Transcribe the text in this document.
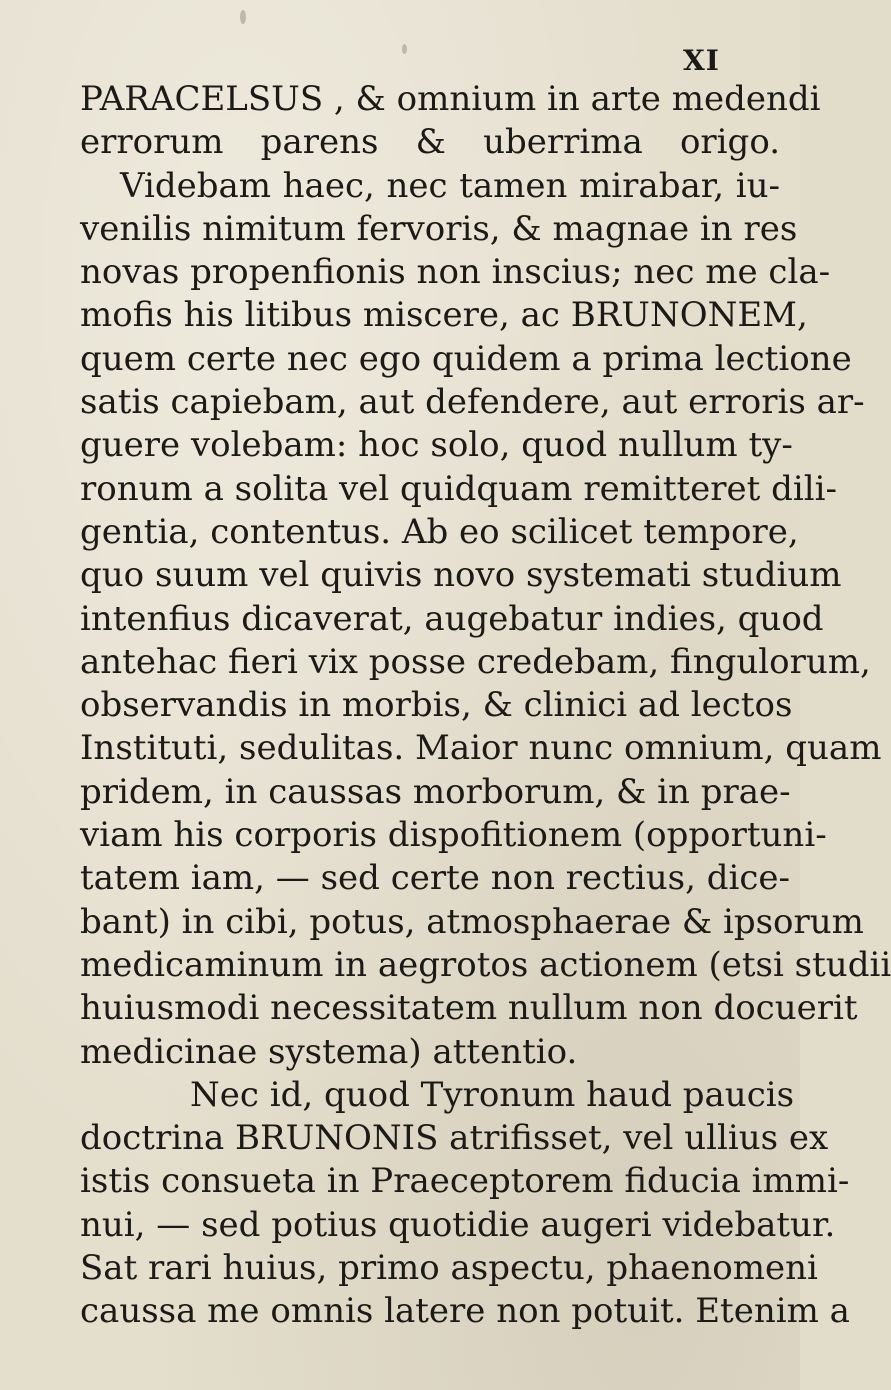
XI
PARACELSUS , & omnium in arte medendi
errorum parens & uberrima origo.
Videbam haec, nec tamen mirabar, iu-
venilis nimitum fervoris, & magnae in res
novas propenfionis non inscius; nec me cla-
mofis his litibus miscere, ac BRUNONEM,
quem certe nec ego quidem a prima lectione
satis capiebam, aut defendere, aut erroris ar-
guere volebam: hoc solo, quod nullum ty-
ronum a solita vel quidquam remitteret dili-
gentia, contentus. Ab eo scilicet tempore,
quo suum vel quivis novo systemati studium
intenfius dicaverat, augebatur indies, quod
antehac fieri vix posse credebam, fingulorum,
observandis in morbis, & clinici ad lectos
Instituti, sedulitas. Maior nunc omnium, quam
pridem, in caussas morborum, & in prae-
viam his corporis dispofitionem (opportuni-
tatem iam, — sed certe non rectius, dice-
bant) in cibi, potus, atmosphaerae & ipsorum
medicaminum in aegrotos actionem (etsi studii
huiusmodi necessitatem nullum non docuerit
medicinae systema) attentio.
Nec id, quod Tyronum haud paucis
doctrina BRUNONIS atrifisset, vel ullius ex
istis consueta in Praeceptorem fiducia immi-
nui, — sed potius quotidie augeri videbatur.
Sat rari huius, primo aspectu, phaenomeni
caussa me omnis latere non potuit. Etenim a
